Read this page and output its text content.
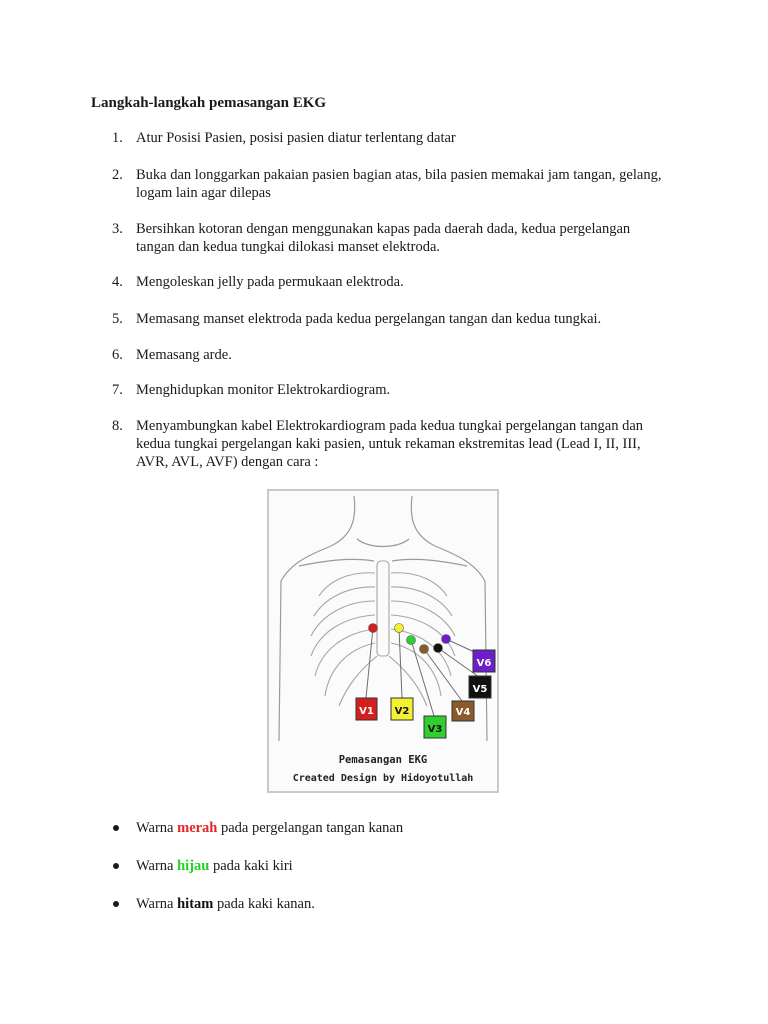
Langkah-langkah pemasangan EKG
1. Atur Posisi Pasien, posisi pasien diatur terlentang datar
2. Buka dan longgarkan pakaian pasien bagian atas, bila pasien memakai jam tangan, gelang, logam lain agar dilepas
3. Bersihkan kotoran dengan menggunakan kapas pada daerah dada, kedua pergelangan tangan dan kedua tungkai dilokasi manset elektroda.
4. Mengoleskan jelly pada permukaan elektroda.
5. Memasang manset elektroda pada kedua pergelangan tangan dan kedua tungkai.
6. Memasang arde.
7. Menghidupkan monitor Elektrokardiogram.
8. Menyambungkan kabel Elektrokardiogram pada kedua tungkai pergelangan tangan dan kedua tungkai pergelangan kaki pasien, untuk rekaman ekstremitas lead (Lead I, II, III, AVR, AVL, AVF) dengan cara :
V1 V2
V3
V4
V5
V6
Pemasangan EKG
Created Design by Hidoyotullah
Warna merah pada pergelangan tangan kanan
Warna hijau pada kaki kiri
Warna hitam pada kaki kanan.
